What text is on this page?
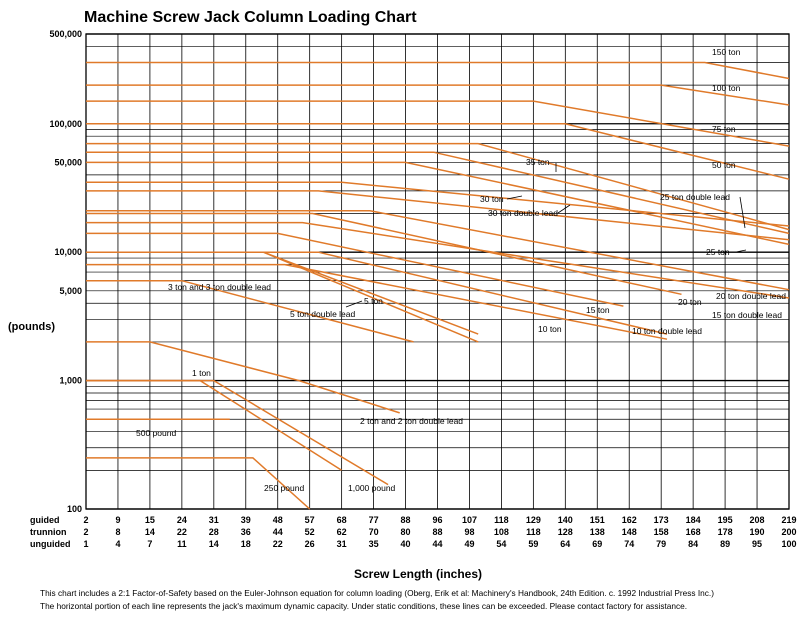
Machine Screw Jack Column Loading Chart
500,000
100,000
50,000
10,000
5,000
1,000
100
guided	2	9	15 24 31 39 48 57 68 77 88 96 107 118 129 140 151 162 173 184 195 208 219
trunnion 2	8	14 22 28 36 44 52 62 70 80 88 98 108 118 128 138 148 158 168 178 190 200
unguided 1	4	7	11 14 18 22 26 31 35 40 44 49 54 59 64 69 74 79 84 89 95 100
150 ton
100 ton
75 ton
50 ton
35 ton
30 ton
30 ton double lead
25 ton double lead
25 ton
20 ton double lead
20 ton
15 ton double lead
15 ton
10 ton double lead
10 ton
5 ton
5 ton double lead
3 ton and 3 ton double lead
2 ton and 2 ton double lead
1 ton
500 pound
250 pound	1,000 pound
(pounds)
Screw Length (inches)
This chart includes a 2:1 Factor-of-Safety based on the Euler-Johnson equation for column loading (Oberg, Erik et al: Machinery's Handbook, 24th Edition. c. 1992 Industrial Press Inc.)
The horizontal portion of each line represents the jack's maximum dynamic capacity. Under static conditions, these lines can be exceeded. Please contact factory for assistance.
